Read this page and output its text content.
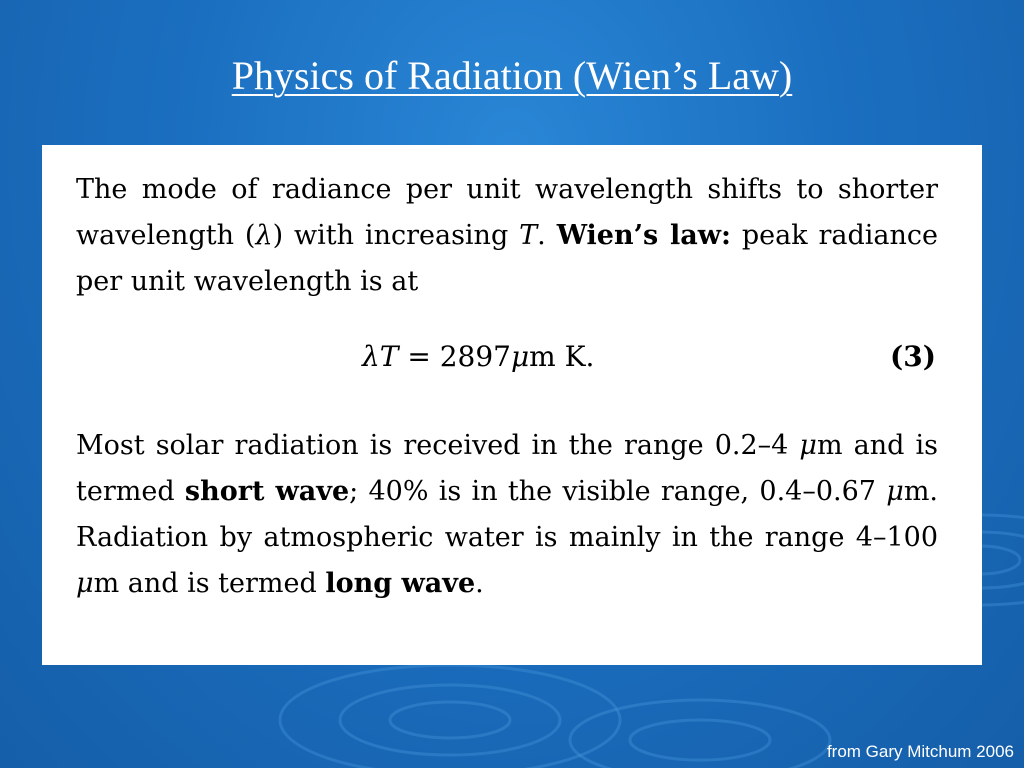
Physics of Radiation (Wien’s Law)
The mode of radiance per unit wavelength shifts to shorter wavelength (λ) with increasing T. Wien’s law: peak radiance per unit wavelength is at
λT = 2897μm K.	(3)
Most solar radiation is received in the range 0.2–4 μm and is termed short wave; 40% is in the visible range, 0.4–0.67 μm. Radiation by atmospheric water is mainly in the range 4–100 μm and is termed long wave.
from Gary Mitchum 2006
